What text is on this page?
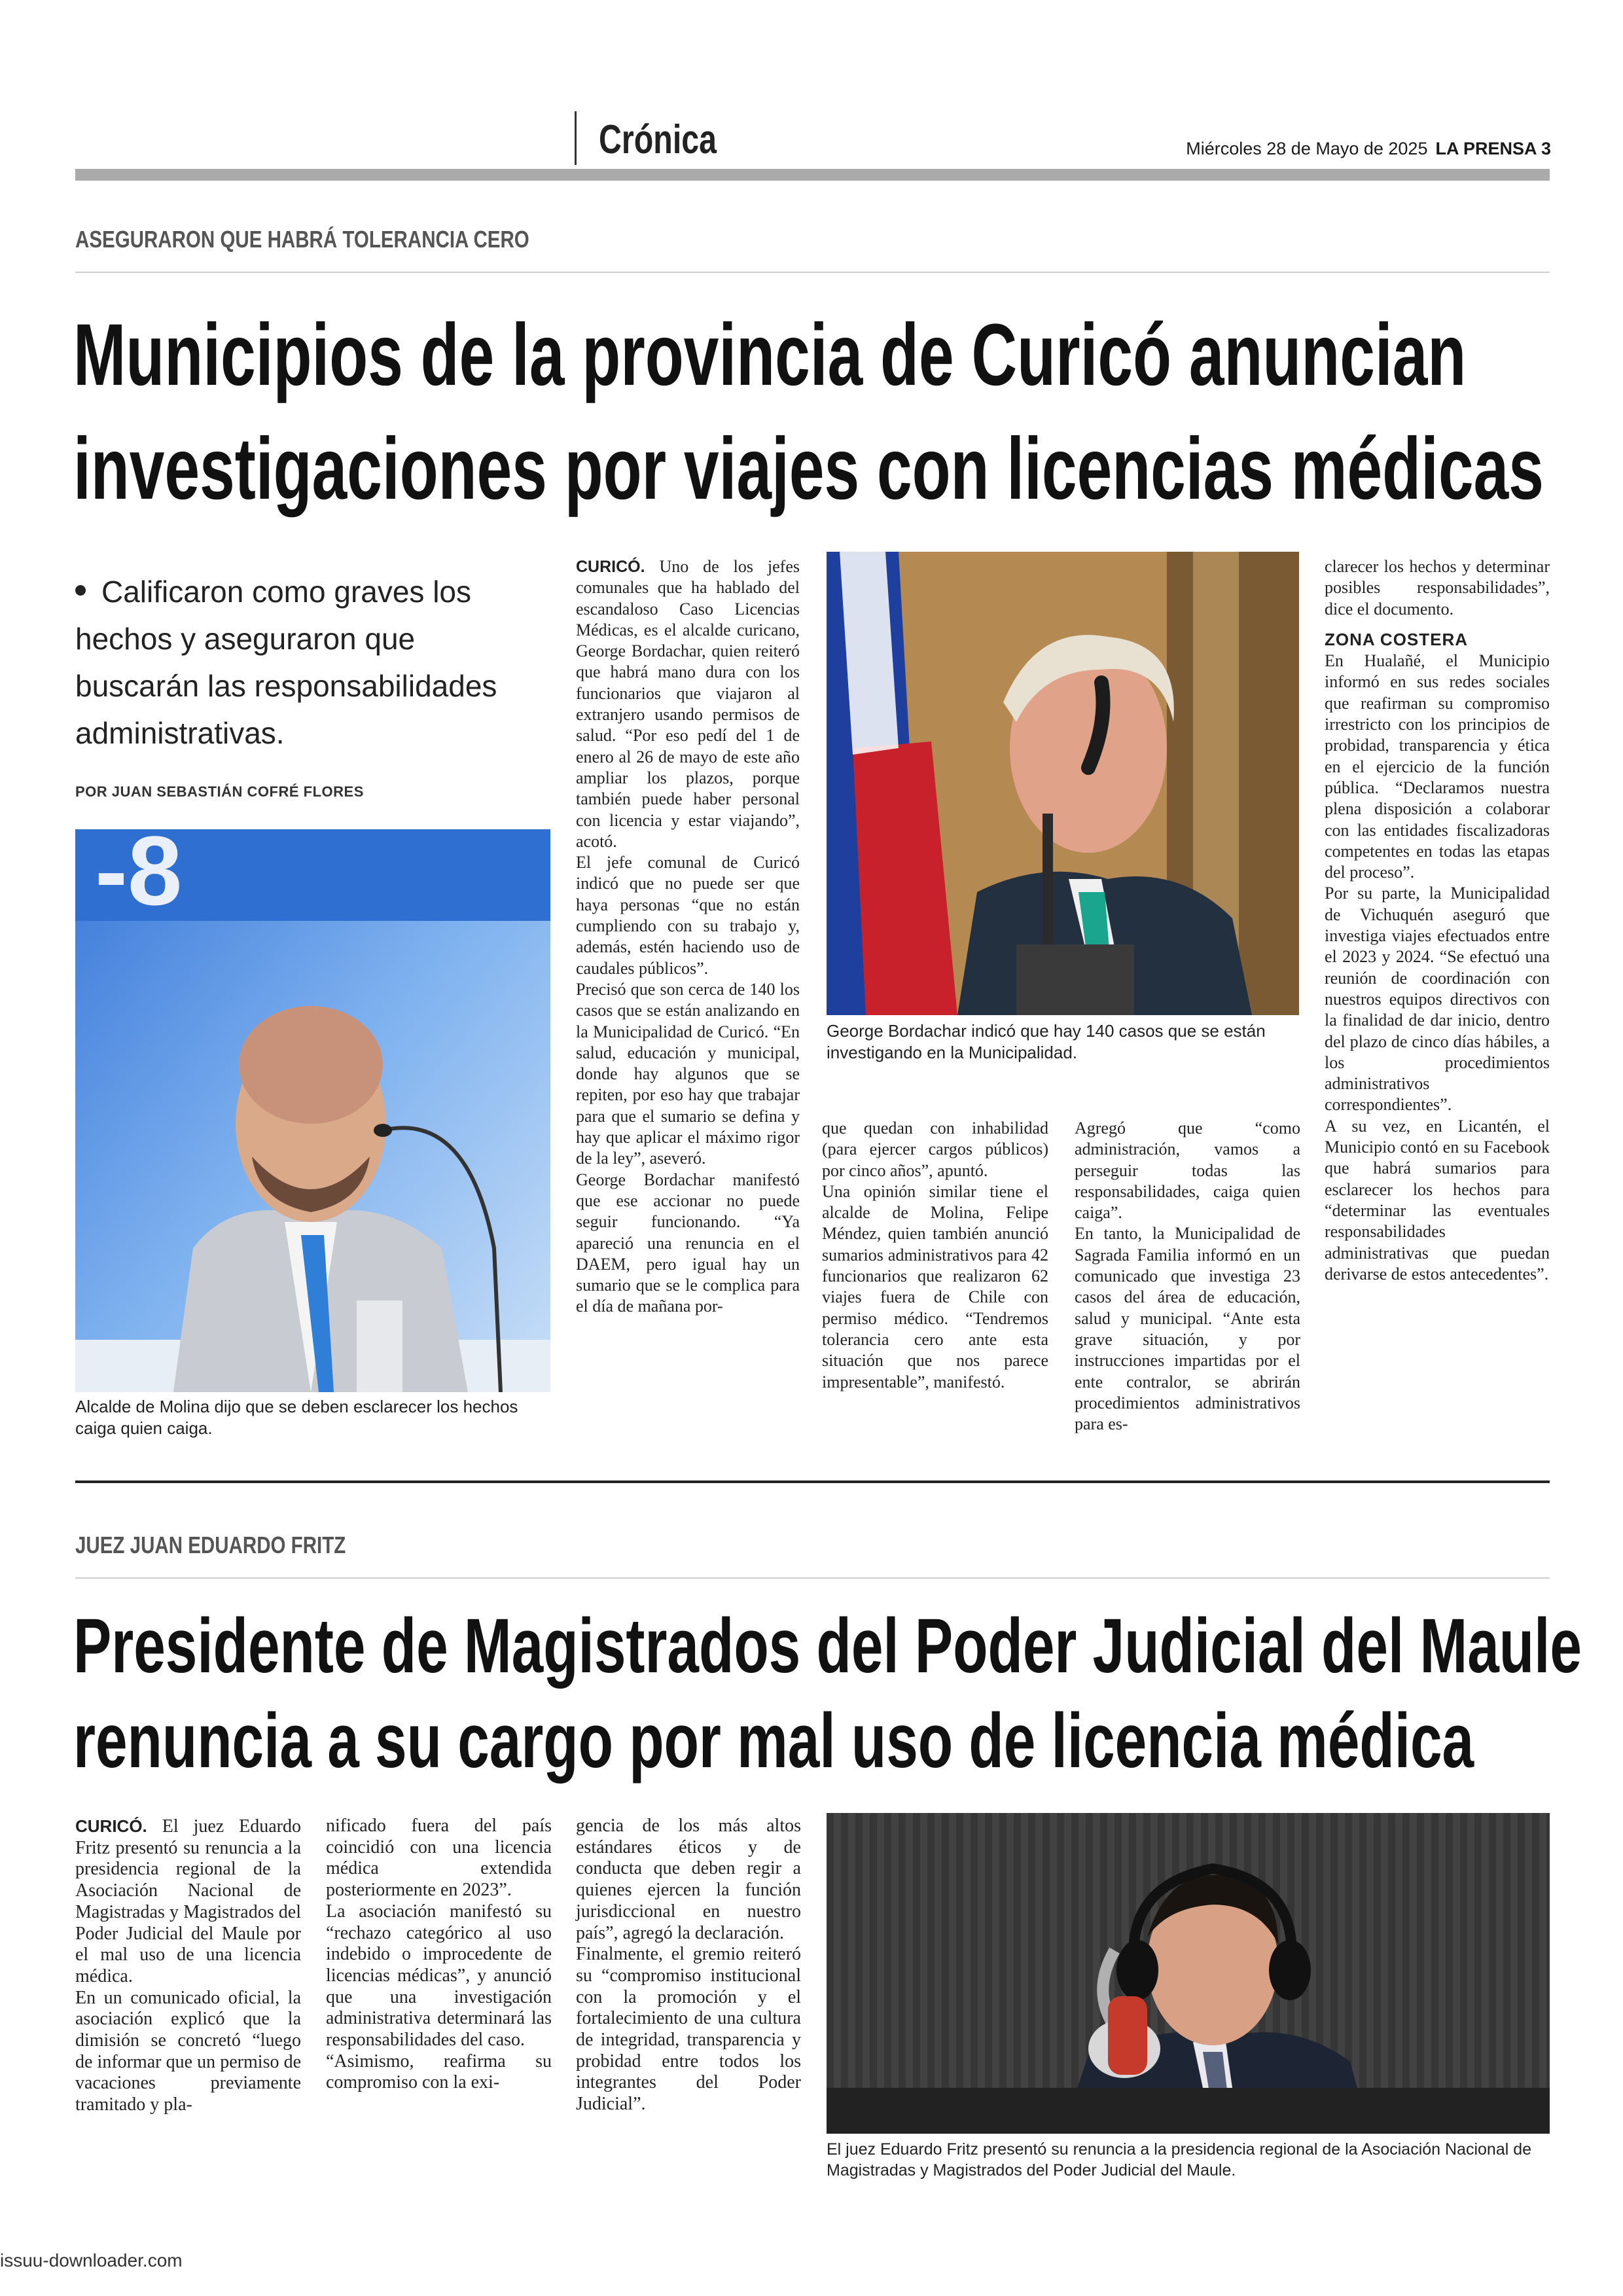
Crónica	Miércoles 28 de Mayo de 2025 LA PRENSA 3
ASEGURARON QUE HABRÁ TOLERANCIA CERO
Municipios de la provincia de Curicó anuncian
investigaciones por viajes con licencias médicas
Calificaron como graves los hechos y aseguraron que buscarán las responsabilidades administrativas.
POR JUAN SEBASTIÁN COFRÉ FLORES
-8
Alcalde de Molina dijo que se deben esclarecer los hechos caiga quien caiga.

CURICÓ. Uno de los jefes comunales que ha hablado del escandaloso Caso Licencias Médicas, es el alcalde curicano, George Bordachar, quien reiteró que habrá mano dura con los funcionarios que viajaron al extranjero usando permisos de salud. “Por eso pedí del 1 de enero al 26 de mayo de este año ampliar los plazos, porque también puede haber personal con licencia y estar viajando”, acotó.

El jefe comunal de Curicó indicó que no puede ser que haya personas “que no están cumpliendo con su trabajo y, además, estén haciendo uso de caudales públicos”.

Precisó que son cerca de 140 los casos que se están analizando en la Municipalidad de Curicó. “En salud, educación y municipal, donde hay algunos que se repiten, por eso hay que trabajar para que el sumario se defina y hay que aplicar el máximo rigor de la ley”, aseveró.

George Bordachar manifestó que ese accionar no puede seguir funcionando. “Ya apareció una renuncia en el DAEM, pero igual hay un sumario que se le complica para el día de mañana por-

George Bordachar indicó que hay 140 casos que se están investigando en la Municipalidad.

que quedan con inhabilidad (para ejercer cargos públicos) por cinco años”, apuntó.

Una opinión similar tiene el alcalde de Molina, Felipe Méndez, quien también anunció sumarios administrativos para 42 funcionarios que realizaron 62 viajes fuera de Chile con permiso médico. “Tendremos tolerancia cero ante esta situación que nos parece impresentable”, manifestó.

Agregó que “como administración, vamos a perseguir todas las responsabilidades, caiga quien caiga”.

En tanto, la Municipalidad de Sagrada Familia informó en un comunicado que investiga 23 casos del área de educación, salud y municipal. “Ante esta grave situación, y por instrucciones impartidas por el ente contralor, se abrirán procedimientos administrativos para es-

clarecer los hechos y determinar posibles responsabilidades”, dice el documento.

ZONA COSTERA

En Hualañé, el Municipio informó en sus redes sociales que reafirman su compromiso irrestricto con los principios de probidad, transparencia y ética en el ejercicio de la función pública. “Declaramos nuestra plena disposición a colaborar con las entidades fiscalizadoras competentes en todas las etapas del proceso”.

Por su parte, la Municipalidad de Vichuquén aseguró que investiga viajes efectuados entre el 2023 y 2024. “Se efectuó una reunión de coordinación con nuestros equipos directivos con la finalidad de dar inicio, dentro del plazo de cinco días hábiles, a los procedimientos administrativos correspondientes”.

A su vez, en Licantén, el Municipio contó en su Facebook que habrá sumarios para esclarecer los hechos para “determinar las eventuales responsabilidades administrativas que puedan derivarse de estos antecedentes”.

JUEZ JUAN EDUARDO FRITZ
Presidente de Magistrados del Poder Judicial del Maule
renuncia a su cargo por mal uso de licencia médica

CURICÓ. El juez Eduardo Fritz presentó su renuncia a la presidencia regional de la Asociación Nacional de Magistradas y Magistrados del Poder Judicial del Maule por el mal uso de una licencia médica.

En un comunicado oficial, la asociación explicó que la dimisión se concretó “luego de informar que un permiso de vacaciones previamente tramitado y pla-

nificado fuera del país coincidió con una licencia médica extendida posteriormente en 2023”.

La asociación manifestó su “rechazo categórico al uso indebido o improcedente de licencias médicas”, y anunció que una investigación administrativa determinará las responsabilidades del caso.

“Asimismo, reafirma su compromiso con la exi-

gencia de los más altos estándares éticos y de conducta que deben regir a quienes ejercen la función jurisdiccional en nuestro país”, agregó la declaración.

Finalmente, el gremio reiteró su “compromiso institucional con la promoción y el fortalecimiento de una cultura de integridad, transparencia y probidad entre todos los integrantes del Poder Judicial”.

El juez Eduardo Fritz presentó su renuncia a la presidencia regional de la Asociación Nacional de Magistradas y Magistrados del Poder Judicial del Maule.
issuu-downloader.com
